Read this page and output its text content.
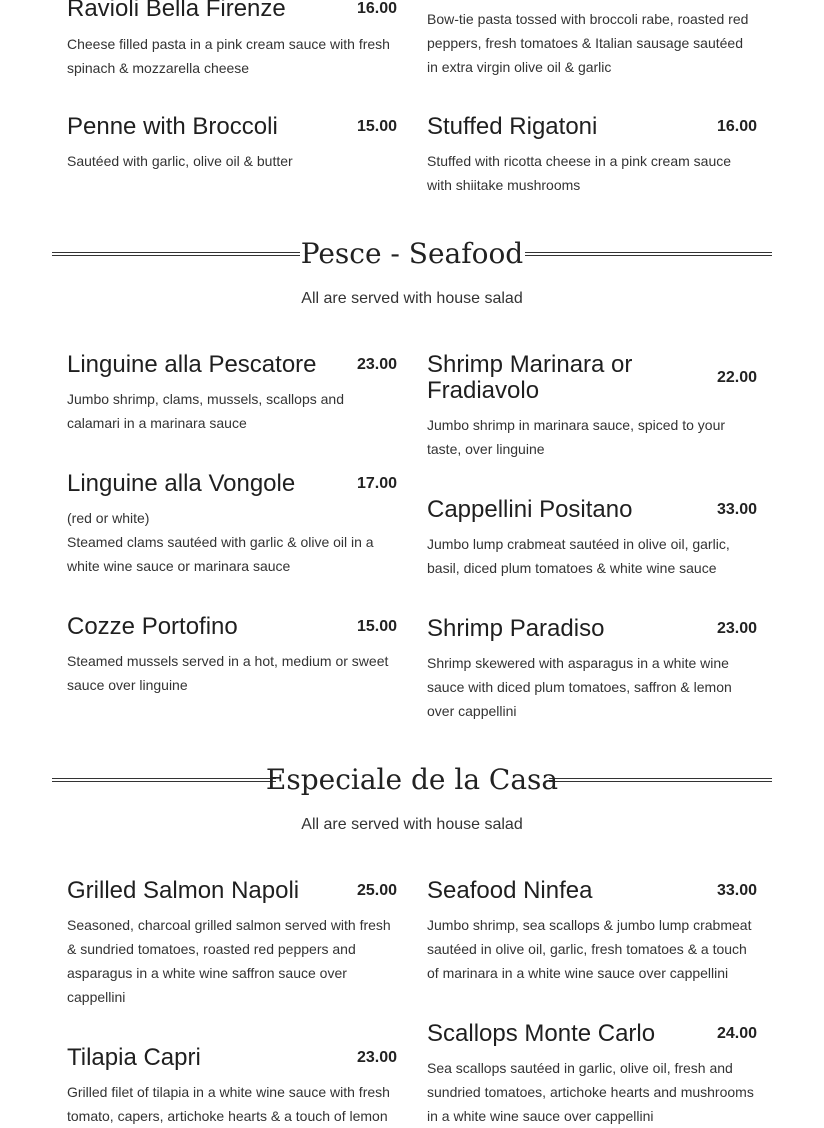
Ravioli Bella Firenze	16.00
Cheese filled pasta in a pink cream sauce with fresh spinach & mozzarella cheese
Bow-tie pasta tossed with broccoli rabe, roasted red peppers, fresh tomatoes & Italian sausage sautéed in extra virgin olive oil & garlic
Penne with Broccoli	15.00
Sautéed with garlic, olive oil & butter
Stuffed Rigatoni	16.00
Stuffed with ricotta cheese in a pink cream sauce with shiitake mushrooms
Pesce - Seafood
All are served with house salad
Linguine alla Pescatore	23.00
Jumbo shrimp, clams, mussels, scallops and calamari in a marinara sauce
Linguine alla Vongole	17.00
(red or white)
Steamed clams sautéed with garlic & olive oil in a white wine sauce or marinara sauce
Cozze Portofino	15.00
Steamed mussels served in a hot, medium or sweet sauce over linguine
Shrimp Marinara or Fradiavolo	22.00
Jumbo shrimp in marinara sauce, spiced to your taste, over linguine
Cappellini Positano	33.00
Jumbo lump crabmeat sautéed in olive oil, garlic, basil, diced plum tomatoes & white wine sauce
Shrimp Paradiso	23.00
Shrimp skewered with asparagus in a white wine sauce with diced plum tomatoes, saffron & lemon over cappellini
Especiale de la Casa
All are served with house salad
Grilled Salmon Napoli	25.00
Seasoned, charcoal grilled salmon served with fresh & sundried tomatoes, roasted red peppers and asparagus in a white wine saffron sauce over cappellini
Tilapia Capri	23.00
Grilled filet of tilapia in a white wine sauce with fresh tomato, capers, artichoke hearts & a touch of lemon
Seafood Ninfea	33.00
Jumbo shrimp, sea scallops & jumbo lump crabmeat sautéed in olive oil, garlic, fresh tomatoes & a touch of marinara in a white wine sauce over cappellini
Scallops Monte Carlo	24.00
Sea scallops sautéed in garlic, olive oil, fresh and sundried tomatoes, artichoke hearts and mushrooms in a white wine sauce over cappellini
